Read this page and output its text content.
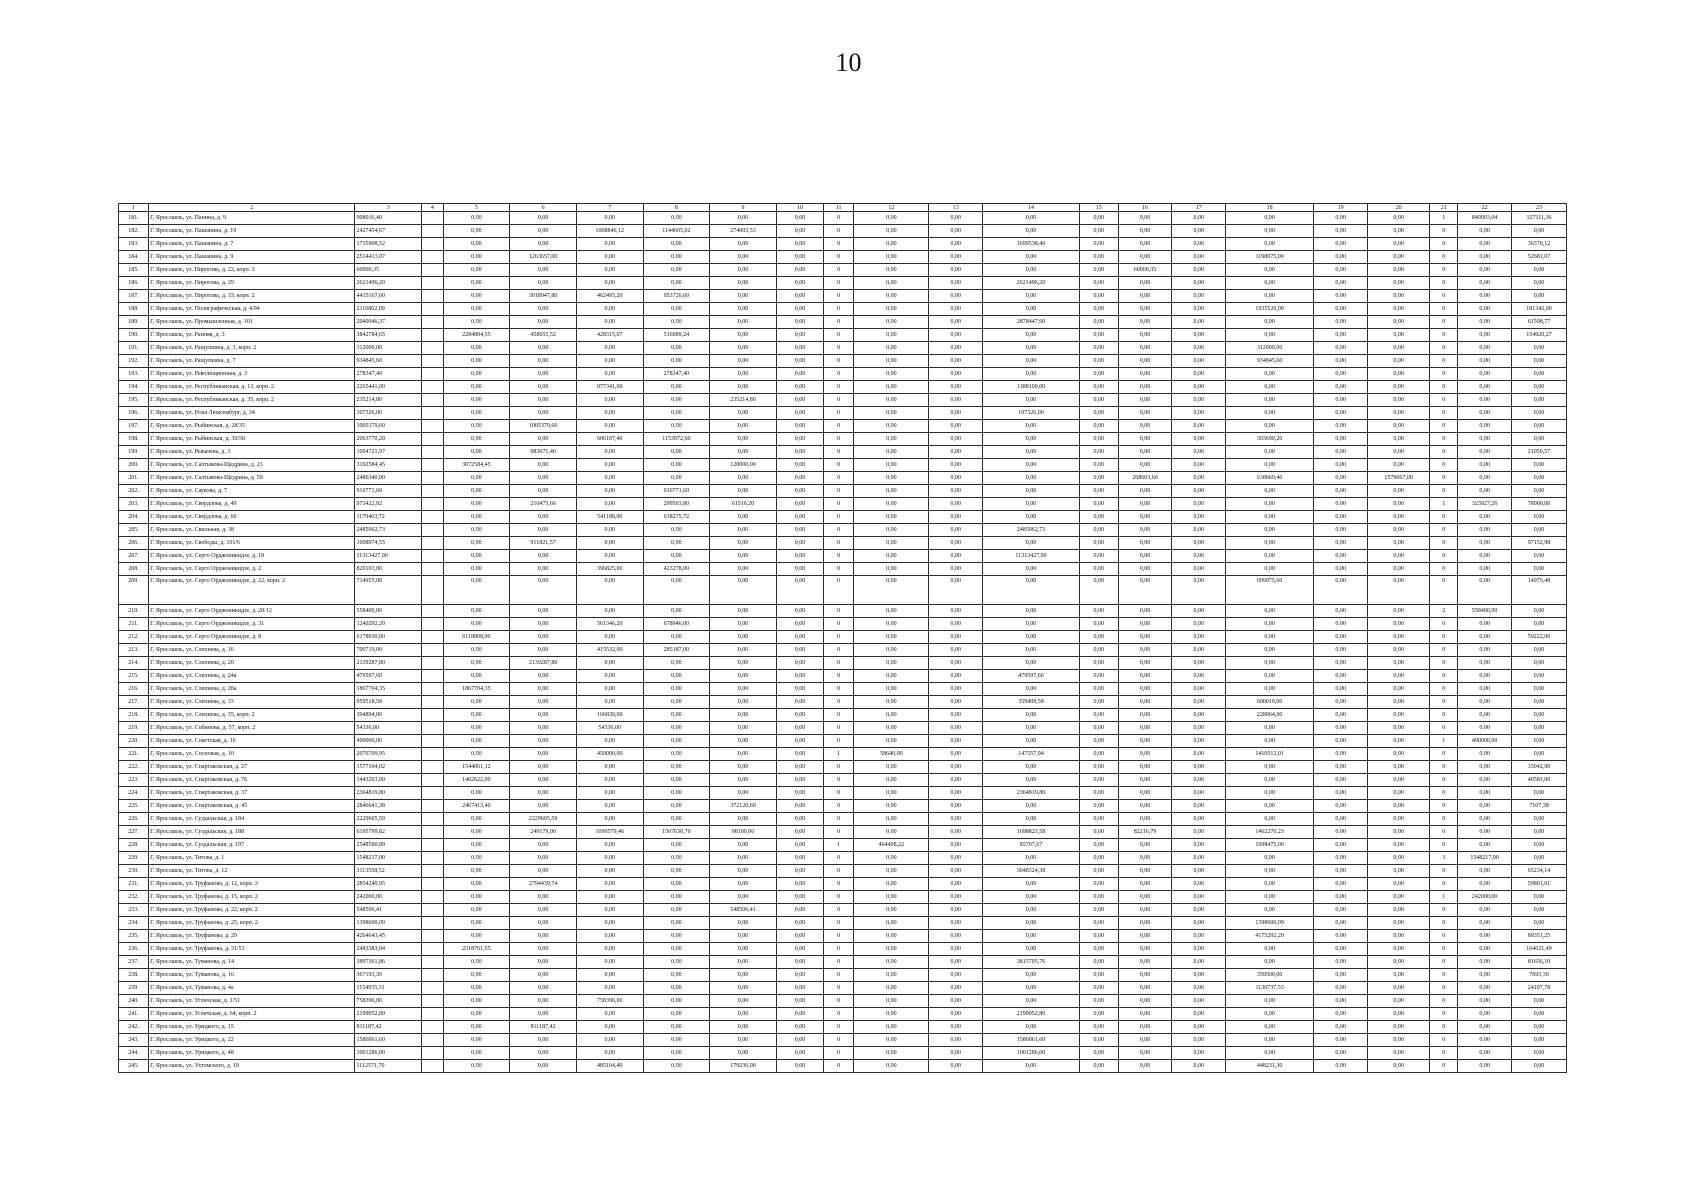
10
1	2	3	4	5	6	7	8	9	10	11	12	13	14	15	16	17	18	19	20	21	22	23
181.	Г. Ярославль, ул. Панина, д. 9	908016,40		0,00	0,00	0,00	0,00	0,00	0,00	0	0,00	0,00	0,00	0,00	0,00	0,00	0,00	0,00	0,00	1	840903,04	127111,36
182.	Г. Ярославль, ул. Пашанина, д. 19	2427454,67		0,00	0,00	1008846,12	1144605,02	274003,53	0,00	0	0,00	0,00	0,00	0,00	0,00	0,00	0,00	0,00	0,00	0	0,00	0,00
183.	Г. Ярославль, ул. Пашанина, д. 7	1735908,52		0,00	0,00	0,00	0,00	0,00	0,00	0	0,00	0,00	1699538,40	0,00	0,00	0,00	0,00	0,00	0,00	0	0,00	36370,12
184.	Г. Ярославль, ул. Пашанина, д. 9	2514413,07		0,00	1263657,00	0,00	0,00	0,00	0,00	0	0,00	0,00	0,00	0,00	0,00	0,00	1198075,00	0,00	0,00	0	0,00	52681,07
185.	Г. Ярославль, ул. Пирогова, д. 22, корп. 3	60000,35		0,00	0,00	0,00	0,00	0,00	0,00	0	0,00	0,00	0,00	0,00	60000,35	0,00	0,00	0,00	0,00	0	0,00	0,00
186.	Г. Ярославль, ул. Пирогова, д. 29	2621496,20		0,00	0,00	0,00	0,00	0,00	0,00	0	0,00	0,00	2621496,20	0,00	0,00	0,00	0,00	0,00	0,00	0	0,00	0,00
187.	Г. Ярославль, ул. Пирогова, д. 33, корп. 2	4435167,60		0,00	3018947,80	462493,20	953726,60	0,00	0,00	0	0,00	0,00	0,00	0,00	0,00	0,00	0,00	0,00	0,00	0	0,00	0,00
188.	Г. Ярославль, ул. Полиграфическая, д. 4/94	2116862,09		0,00	0,00	0,00	0,00	0,00	0,00	0	0,00	0,00	0,00	0,00	0,00	0,00	1935520,09	0,00	0,00	0	0,00	181342,00
189.	Г. Ярославль, ул. Промышленная, д. 101	2940046,37		0,00	0,00	0,00	0,00	0,00	0,00	0	0,00	0,00	2878447,60	0,00	0,00	0,00	0,00	0,00	0,00	0	0,00	61598,77
190.	Г. Ярославль, ул. Ранняя, д. 3	3842784,65		2284804,55	458655,52	428315,07	516089,24	0,00	0,00	0	0,00	0,00	0,00	0,00	0,00	0,00	0,00	0,00	0,00	0	0,00	154920,27
191.	Г. Ярославль, ул. Ращупкина, д. 3, корп. 2	312000,00		0,00	0,00	0,00	0,00	0,00	0,00	0	0,00	0,00	0,00	0,00	0,00	0,00	312000,00	0,00	0,00	0	0,00	0,00
192.	Г. Ярославль, ул. Ращупкина, д. 7	934845,60		0,00	0,00	0,00	0,00	0,00	0,00	0	0,00	0,00	0,00	0,00	0,00	0,00	934845,60	0,00	0,00	0	0,00	0,00
193.	Г. Ярославль, ул. Революционная, д. 3	278347,40		0,00	0,00	0,00	278347,40	0,00	0,00	0	0,00	0,00	0,00	0,00	0,00	0,00	0,00	0,00	0,00	0	0,00	0,00
194.	Г. Ярославль, ул. Республиканская, д. 13, корп. 2	2265441,00		0,00	0,00	877341,00	0,00	0,00	0,00	0	0,00	0,00	1388100,00	0,00	0,00	0,00	0,00	0,00	0,00	0	0,00	0,00
195.	Г. Ярославль, ул. Республиканская, д. 35, корп. 2	235214,80		0,00	0,00	0,00	0,00	235214,80	0,00	0	0,00	0,00	0,00	0,00	0,00	0,00	0,00	0,00	0,00	0	0,00	0,00
196.	Г. Ярославль, ул. Розы Люксембург, д. 34	107326,00		0,00	0,00	0,00	0,00	0,00	0,00	0	0,00	0,00	107326,00	0,00	0,00	0,00	0,00	0,00	0,00	0	0,00	0,00
197.	Г. Ярославль, ул. Рыбинская, д. 28/35	1005379,60		0,00	1005379,60	0,00	0,00	0,00	0,00	0	0,00	0,00	0,00	0,00	0,00	0,00	0,00	0,00	0,00	0	0,00	0,00
198.	Г. Ярославль, ул. Рыбинская, д. 30/50	2063770,20		0,00	0,00	606107,40	1153972,60	0,00	0,00	0	0,00	0,00	0,00	0,00	0,00	0,00	303690,20	0,00	0,00	0	0,00	0,00
199.	Г. Ярославль, ул. Рыкачева, д. 3	1004721,97		0,00	983671,40	0,00	0,00	0,00	0,00	0	0,00	0,00	0,00	0,00	0,00	0,00	0,00	0,00	0,00	0	0,00	21050,57
200.	Г. Ярославль, ул. Салтыкова-Щедрина, д. 23	3192584,45		3072584,45	0,00	0,00	0,00	120000,00	0,00	0	0,00	0,00	0,00	0,00	0,00	0,00	0,00	0,00	0,00	0	0,00	0,00
201.	Г. Ярославль, ул. Салтыкова-Щедрина, д. 59	2486340,00		0,00	0,00	0,00	0,00	0,00	0,00	0	0,00	0,00	0,00	0,00	268603,60	0,00	638669,40	0,00	1579067,00	0	0,00	0,00
202.	Г. Ярославль, ул. Саукова, д. 7	910771,60		0,00	0,00	0,00	910771,60	0,00	0,00	0	0,00	0,00	0,00	0,00	0,00	0,00	0,00	0,00	0,00	0	0,00	0,00
203.	Г. Ярославль, ул. Свердлова, д. 49	973422,92		0,00	210475,66	0,00	299503,80	61516,20	0,00	0	0,00	0,00	0,00	0,00	0,00	0,00	0,00	0,00	0,00	1	323927,26	78000,00
204.	Г. Ярославль, ул. Свердлова, д. 60	1179463,72		0,00	0,00	541188,00	638275,72	0,00	0,00	0	0,00	0,00	0,00	0,00	0,00	0,00	0,00	0,00	0,00	0	0,00	0,00
205.	Г. Ярославль, ул. Свильная, д. 38	2485062,73		0,00	0,00	0,00	0,00	0,00	0,00	0	0,00	0,00	2485062,73	0,00	0,00	0,00	0,00	0,00	0,00	0	0,00	0,00
206.	Г. Ярославль, ул. Свободы, д. 101/6	1008974,55		0,00	911821,57	0,00	0,00	0,00	0,00	0	0,00	0,00	0,00	0,00	0,00	0,00	0,00	0,00	0,00	0	0,00	97152,98
207.	Г. Ярославль, ул. Серго Орджоникидзе, д. 18	11313427,00		0,00	0,00	0,00	0,00	0,00	0,00	0	0,00	0,00	11313427,00	0,00	0,00	0,00	0,00	0,00	0,00	0	0,00	0,00
208.	Г. Ярославль, ул. Серго Орджоникидзе, д. 2	820103,00		0,00	0,00	396825,00	423278,00	0,00	0,00	0	0,00	0,00	0,00	0,00	0,00	0,00	0,00	0,00	0,00	0	0,00	0,00
209.	Г. Ярославль, ул. Серго Орджоникидзе, д. 22, корп. 2	714955,08		0,00	0,00	0,00	0,00	0,00	0,00	0	0,00	0,00	0,00	0,00	0,00	0,00	699975,60	0,00	0,00	0	0,00	14979,48
210.	Г. Ярославль, ул. Серго Орджоникидзе, д. 28/12	558400,00		0,00	0,00	0,00	0,00	0,00	0,00	0	0,00	0,00	0,00	0,00	0,00	0,00	0,00	0,00	0,00	2	558400,00	0,00
211.	Г. Ярославль, ул. Серго Орджоникидзе, д. 31	1240292,20		0,00	0,00	561346,20	678946,00	0,00	0,00	0	0,00	0,00	0,00	0,00	0,00	0,00	0,00	0,00	0,00	0	0,00	0,00
212.	Г. Ярославль, ул. Серго Орджоникидзе, д. 8	6178030,00		6118808,00	0,00	0,00	0,00	0,00	0,00	0	0,00	0,00	0,00	0,00	0,00	0,00	0,00	0,00	0,00	0	0,00	59222,00
213.	Г. Ярославль, ул. Слепнева, д. 16	700719,00		0,00	0,00	415532,00	285187,00	0,00	0,00	0	0,00	0,00	0,00	0,00	0,00	0,00	0,00	0,00	0,00	0	0,00	0,00
214.	Г. Ярославль, ул. Слепнева, д. 20	2139287,80		0,00	2139287,80	0,00	0,00	0,00	0,00	0	0,00	0,00	0,00	0,00	0,00	0,00	0,00	0,00	0,00	0	0,00	0,00
215.	Г. Ярославль, ул. Слепнева, д. 24а	479597,60		0,00	0,00	0,00	0,00	0,00	0,00	0	0,00	0,00	479597,60	0,00	0,00	0,00	0,00	0,00	0,00	0	0,00	0,00
216.	Г. Ярославль, ул. Слепнева, д. 28а	1867704,35		1867704,35	0,00	0,00	0,00	0,00	0,00	0	0,00	0,00	0,00	0,00	0,00	0,00	0,00	0,00	0,00	0	0,00	0,00
217.	Г. Ярославль, ул. Слепнева, д. 33	959518,58		0,00	0,00	0,00	0,00	0,00	0,00	0	0,00	0,00	359499,58	0,00	0,00	0,00	600019,00	0,00	0,00	0	0,00	0,00
218.	Г. Ярославль, ул. Слепнева, д. 35, корп. 2	394894,00		0,00	0,00	166830,00	0,00	0,00	0,00	0	0,00	0,00	0,00	0,00	0,00	0,00	228064,00	0,00	0,00	0	0,00	0,00
219.	Г. Ярославль, ул. Собинова, д. 57, корп. 2	54336,00		0,00	0,00	54336,00	0,00	0,00	0,00	0	0,00	0,00	0,00	0,00	0,00	0,00	0,00	0,00	0,00	0	0,00	0,00
220.	Г. Ярославль, ул. Советская, д. 16	490000,00		0,00	0,00	0,00	0,00	0,00	0,00	0	0,00	0,00	0,00	0,00	0,00	0,00	0,00	0,00	0,00	1	490000,00	0,00
221.	Г. Ярославль, ул. Сосновая, д. 10	2076709,95		0,00	0,00	450000,00	0,00	0,00	0,00	1	58640,00	0,00	147557,94	0,00	0,00	0,00	1410512,01	0,00	0,00	0	0,00	0,00
222.	Г. Ярославль, ул. Спартаковская, д. 27	1577104,02		1544061,12	0,00	0,00	0,00	0,00	0,00	0	0,00	0,00	0,00	0,00	0,00	0,00	0,00	0,00	0,00	0	0,00	33042,90
223.	Г. Ярославль, ул. Спартаковская, д. 76	1443203,00		1402622,00	0,00	0,00	0,00	0,00	0,00	0	0,00	0,00	0,00	0,00	0,00	0,00	0,00	0,00	0,00	0	0,00	40581,00
224.	Г. Ярославль, ул. Спартаковская, д. 37	2364819,80		0,00	0,00	0,00	0,00	0,00	0,00	0	0,00	0,00	2364819,80	0,00	0,00	0,00	0,00	0,00	0,00	0	0,00	0,00
225.	Г. Ярославль, ул. Спартаковская, д. 45	2846641,38		2467413,40	0,00	0,00	0,00	372120,60	0,00	0	0,00	0,00	0,00	0,00	0,00	0,00	0,00	0,00	0,00	0	0,00	7107,38
226.	Г. Ярославль, ул. Суздальская, д. 184	2229605,59		0,00	2229605,59	0,00	0,00	0,00	0,00	0	0,00	0,00	0,00	0,00	0,00	0,00	0,00	0,00	0,00	0	0,00	0,00
227.	Г. Ярославль, ул. Суздальская, д. 188	6195799,82		0,00	249179,00	1099579,46	1507630,70	98100,06	0,00	0	0,00	0,00	1698823,58	0,00	82216,79	0,00	1462270,23	0,00	0,00	0	0,00	0,00
228.	Г. Ярославль, ул. Суздальская, д. 197	2548590,89		0,00	0,00	0,00	0,00	0,00	0,00	1	464408,22	0,00	85707,67	0,00	0,00	0,00	1998475,00	0,00	0,00	0	0,00	0,00
229.	Г. Ярославль, ул. Титова, д. 1	1548217,00		0,00	0,00	0,00	0,00	0,00	0,00	0	0,00	0,00	0,00	0,00	0,00	0,00	0,00	0,00	0,00	3	1548217,00	0,00
230.	Г. Ярославль, ул. Титова, д. 12	3113558,52		0,00	0,00	0,00	0,00	0,00	0,00	0	0,00	0,00	3048324,38	0,00	0,00	0,00	0,00	0,00	0,00	0	0,00	65234,14
231.	Г. Ярославль, ул. Труфанова, д. 12, корп. 3	2854240,95		0,00	2794439,74	0,00	0,00	0,00	0,00	0	0,00	0,00	0,00	0,00	0,00	0,00	0,00	0,00	0,00	0	0,00	59801,01
232.	Г. Ярославль, ул. Труфанова, д. 15, корп. 2	242000,00		0,00	0,00	0,00	0,00	0,00	0,00	0	0,00	0,00	0,00	0,00	0,00	0,00	0,00	0,00	0,00	1	242000,00	0,00
233.	Г. Ярославль, ул. Труфанова, д. 22, корп. 2	548506,41		0,00	0,00	0,00	0,00	548506,41	0,00	0	0,00	0,00	0,00	0,00	0,00	0,00	0,00	0,00	0,00	0	0,00	0,00
234.	Г. Ярославль, ул. Труфанова, д. 25, корп. 2	1398600,09		0,00	0,00	0,00	0,00	0,00	0,00	0	0,00	0,00	0,00	0,00	0,00	0,00	1398600,09	0,00	0,00	0	0,00	0,00
235.	Г. Ярославль, ул. Труфанова, д. 29	4264643,45		0,00	0,00	0,00	0,00	0,00	0,00	0	0,00	0,00	0,00	0,00	0,00	0,00	4175292,20	0,00	0,00	0	0,00	89351,25
236.	Г. Ярославль, ул. Труфанова, д. 31/53	2483383,04		2318761,55	0,00	0,00	0,00	0,00	0,00	0	0,00	0,00	0,00	0,00	0,00	0,00	0,00	0,00	0,00	0	0,00	164621,49
237.	Г. Ярославль, ул. Туманова, д. 14	3897361,86		0,00	0,00	0,00	0,00	0,00	0,00	0	0,00	0,00	3815705,76	0,00	0,00	0,00	0,00	0,00	0,00	0	0,00	81656,10
238.	Г. Ярославль, ул. Туманова, д. 16	367193,30		0,00	0,00	0,00	0,00	0,00	0,00	0	0,00	0,00	0,00	0,00	0,00	0,00	359500,00	0,00	0,00	0	0,00	7693,30
239.	Г. Ярославль, ул. Туманова, д. 4а	1154935,31		0,00	0,00	0,00	0,00	0,00	0,00	0	0,00	0,00	0,00	0,00	0,00	0,00	1130737,53	0,00	0,00	0	0,00	24197,78
240.	Г. Ярославль, ул. Угличская, д. 1/51	758396,00		0,00	0,00	758396,00	0,00	0,00	0,00	0	0,00	0,00	0,00	0,00	0,00	0,00	0,00	0,00	0,00	0	0,00	0,00
241.	Г. Ярославль, ул. Угличская, д. 64, корп. 2	2199052,89		0,00	0,00	0,00	0,00	0,00	0,00	0	0,00	0,00	2199052,80	0,00	0,00	0,00	0,00	0,00	0,00	0	0,00	0,00
242.	Г. Ярославль, ул. Урицкого, д. 15	811187,42		0,00	811187,42	0,00	0,00	0,00	0,00	0	0,00	0,00	0,00	0,00	0,00	0,00	0,00	0,00	0,00	0	0,00	0,00
243.	Г. Ярославль, ул. Урицкого, д. 22	1586061,60		0,00	0,00	0,00	0,00	0,00	0,00	0	0,00	0,00	1586061,60	0,00	0,00	0,00	0,00	0,00	0,00	0	0,00	0,00
244.	Г. Ярославль, ул. Урицкого, д. 48	1001286,00		0,00	0,00	0,00	0,00	0,00	0,00	0	0,00	0,00	1001286,00	0,00	0,00	0,00	0,00	0,00	0,00	0	0,00	0,00
245.	Г. Ярославль, ул. Ухтомского, д. 19	1112571,70		0,00	0,00	485104,40	0,00	179236,00	0,00	0	0,00	0,00	0,00	0,00	0,00	0,00	448231,30	0,00	0,00	0	0,00	0,00
